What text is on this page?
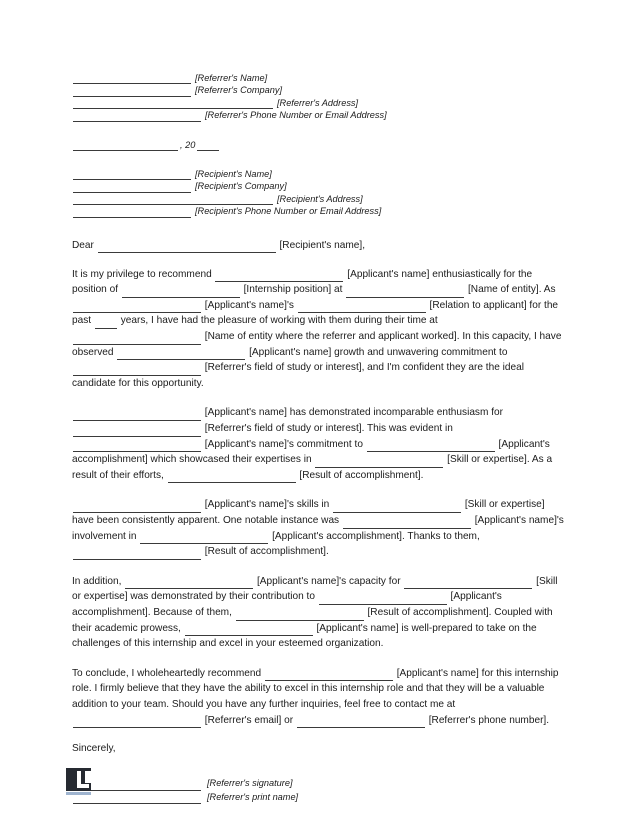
[Referrer's Name]
[Referrer's Company]
[Referrer's Address]
[Referrer's Phone Number or Email Address]
, 20
[Recipient's Name]
[Recipient's Company]
[Recipient's Address]
[Recipient's Phone Number or Email Address]
Dear	[Recipient's name],

It is my privilege to recommend	[Applicant's name] enthusiastically for the position of	[Internship position] at	[Name of entity]. As  [Applicant's name]'s	[Relation to applicant] for the past  years, I have had the pleasure of working with them during their time at  [Name of entity where the referrer and applicant worked]. In this capacity, I have observed	[Applicant's name] growth and unwavering commitment to  [Referrer's field of study or interest], and I'm confident they are the ideal candidate for this opportunity.

[Applicant's name] has demonstrated incomparable enthusiasm for  [Referrer's field of study or interest]. This was evident in  [Applicant's name]'s commitment to	[Applicant's accomplishment] which showcased their expertises in	[Skill or expertise]. As a result of their efforts,	[Result of accomplishment].

[Applicant's name]'s skills in	[Skill or expertise] have been consistently apparent. One notable instance was	[Applicant's name]'s involvement in	[Applicant's accomplishment]. Thanks to them,  [Result of accomplishment].

In addition,	[Applicant's name]'s capacity for	[Skill or expertise] was demonstrated by their contribution to	[Applicant's accomplishment]. Because of them,	[Result of accomplishment]. Coupled with their academic prowess,	[Applicant's name] is well-prepared to take on the challenges of this internship and excel in your esteemed organization.

To conclude, I wholeheartedly recommend	[Applicant's name] for this internship role. I firmly believe that they have the ability to excel in this internship role and that they will be a valuable addition to your team. Should you have any further inquiries, feel free to contact me at  [Referrer's email] or	[Referrer's phone number].

Sincerely,
[Referrer's signature]
[Referrer's print name]
